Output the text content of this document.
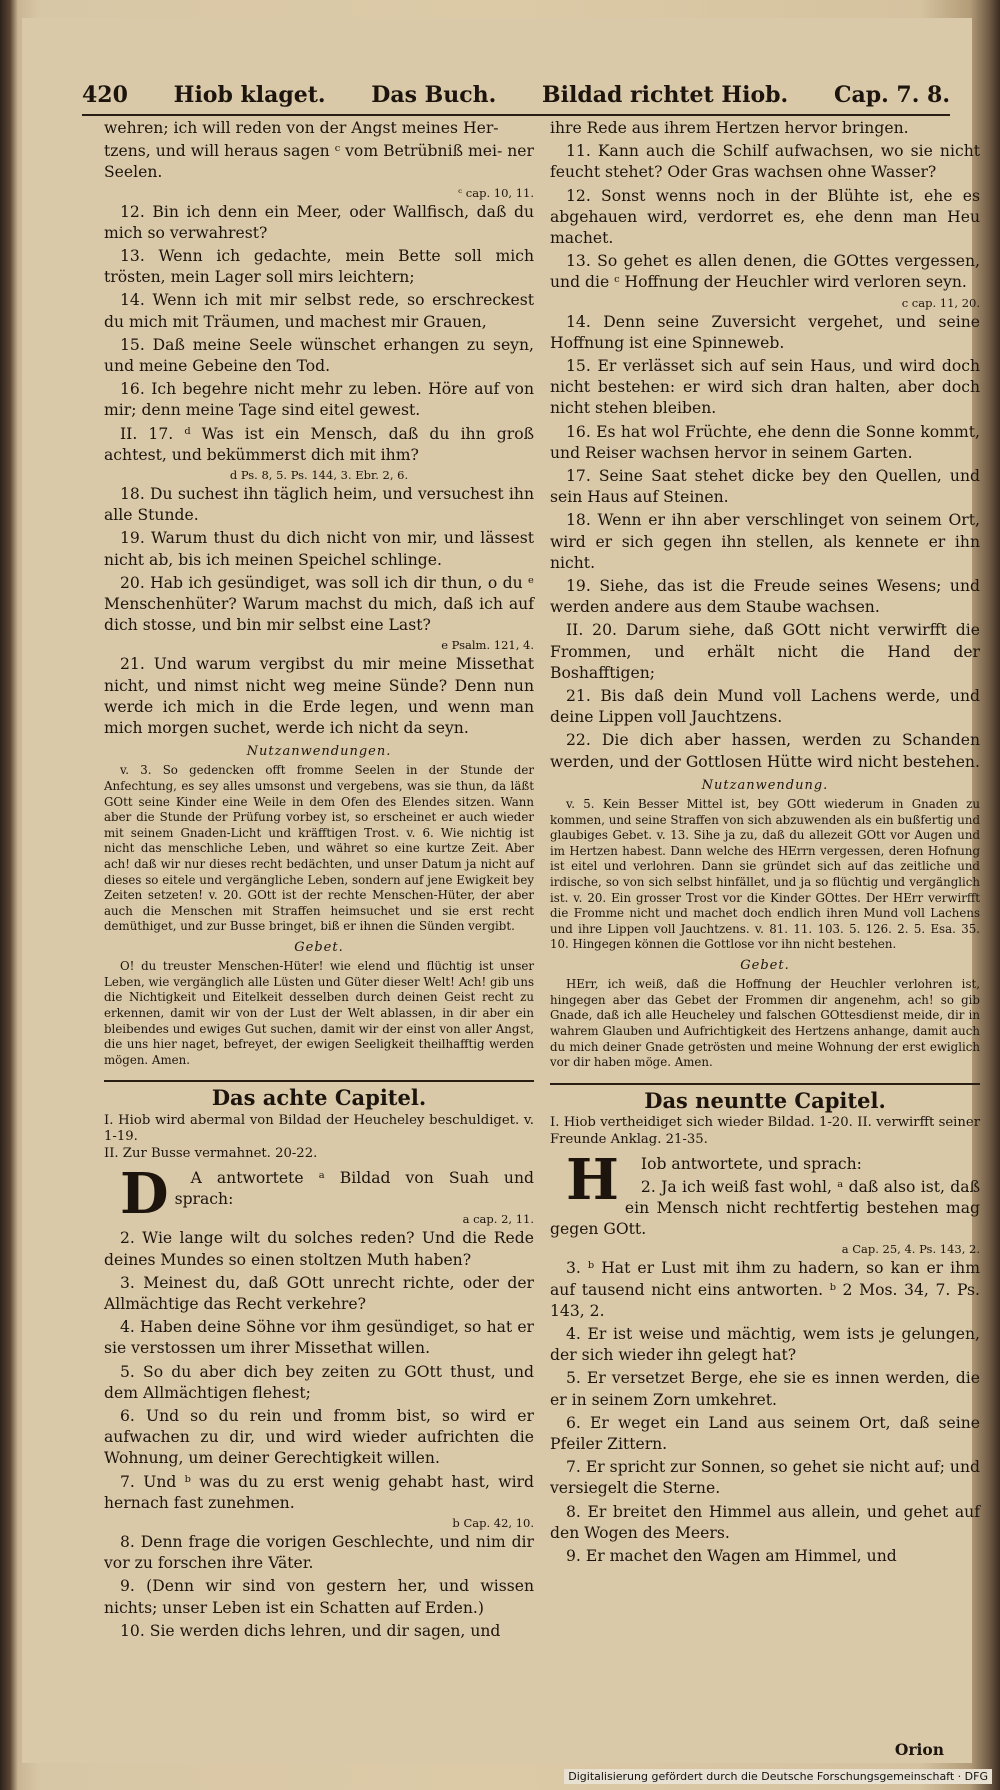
420 Hiob klaget. Das Buch. Bildad richtet Hiob. Cap. 7. 8.

wehren; ich will reden von der Angst meines Her-

tzens, und will heraus sagen ᶜ vom Betrübniß mei- ner Seelen.

ᶜ cap. 10, 11.

12. Bin ich denn ein Meer, oder Wallfisch, daß du mich so verwahrest?

13. Wenn ich gedachte, mein Bette soll mich trösten, mein Lager soll mirs leichtern;

14. Wenn ich mit mir selbst rede, so erschreckest du mich mit Träumen, und machest mir Grauen,

15. Daß meine Seele wünschet erhangen zu seyn, und meine Gebeine den Tod.

16. Ich begehre nicht mehr zu leben. Höre auf von mir; denn meine Tage sind eitel gewest.

II. 17. ᵈ Was ist ein Mensch, daß du ihn groß achtest, und bekümmerst dich mit ihm?

d Ps. 8, 5. Ps. 144, 3. Ebr. 2, 6.

18. Du suchest ihn täglich heim, und versuchest ihn alle Stunde.

19. Warum thust du dich nicht von mir, und lässest nicht ab, bis ich meinen Speichel schlinge.

20. Hab ich gesündiget, was soll ich dir thun, o du ᵉ Menschenhüter? Warum machst du mich, daß ich auf dich stosse, und bin mir selbst eine Last?

e Psalm. 121, 4.

21. Und warum vergibst du mir meine Missethat nicht, und nimst nicht weg meine Sünde? Denn nun werde ich mich in die Erde legen, und wenn man mich morgen suchet, werde ich nicht da seyn.

Nutzanwendungen.

v. 3. So gedencken offt fromme Seelen in der Stunde der Anfechtung, es sey alles umsonst und vergebens, was sie thun, da läßt GOtt seine Kinder eine Weile in dem Ofen des Elendes sitzen. Wann aber die Stunde der Prüfung vorbey ist, so erscheinet er auch wieder mit seinem Gnaden-Licht und kräfftigen Trost. v. 6. Wie nichtig ist nicht das menschliche Leben, und währet so eine kurtze Zeit. Aber ach! daß wir nur dieses recht bedächten, und unser Datum ja nicht auf dieses so eitele und vergängliche Leben, sondern auf jene Ewigkeit bey Zeiten setzeten! v. 20. GOtt ist der rechte Menschen-Hüter, der aber auch die Menschen mit Straffen heimsuchet und sie erst recht demüthiget, und zur Busse bringet, biß er ihnen die Sünden vergibt.

Gebet.

O! du treuster Menschen-Hüter! wie elend und flüchtig ist unser Leben, wie vergänglich alle Lüsten und Güter dieser Welt! Ach! gib uns die Nichtigkeit und Eitelkeit desselben durch deinen Geist recht zu erkennen, damit wir von der Lust der Welt ablassen, in dir aber ein bleibendes und ewiges Gut suchen, damit wir der einst von aller Angst, die uns hier naget, befreyet, der ewigen Seeligkeit theilhafftig werden mögen. Amen.

Das achte Capitel.
I. Hiob wird abermal von Bildad der Heucheley beschuldiget. v. 1-19.
II. Zur Busse vermahnet. 20-22.

D A antwortete ᵃ Bildad von Suah und sprach:

a cap. 2, 11.

2. Wie lange wilt du solches reden? Und die Rede deines Mundes so einen stoltzen Muth haben?

3. Meinest du, daß GOtt unrecht richte, oder der Allmächtige das Recht verkehre?

4. Haben deine Söhne vor ihm gesündiget, so hat er sie verstossen um ihrer Missethat willen.

5. So du aber dich bey zeiten zu GOtt thust, und dem Allmächtigen flehest;

6. Und so du rein und fromm bist, so wird er aufwachen zu dir, und wird wieder aufrichten die Wohnung, um deiner Gerechtigkeit willen.

7. Und ᵇ was du zu erst wenig gehabt hast, wird hernach fast zunehmen.

b Cap. 42, 10.

8. Denn frage die vorigen Geschlechte, und nim dir vor zu forschen ihre Väter.

9. (Denn wir sind von gestern her, und wissen nichts; unser Leben ist ein Schatten auf Erden.)

10. Sie werden dichs lehren, und dir sagen, und

ihre Rede aus ihrem Hertzen hervor bringen.

11. Kann auch die Schilf aufwachsen, wo sie nicht feucht stehet? Oder Gras wachsen ohne Wasser?

12. Sonst wenns noch in der Blühte ist, ehe es abgehauen wird, verdorret es, ehe denn man Heu machet.

13. So gehet es allen denen, die GOttes vergessen, und die ᶜ Hoffnung der Heuchler wird verloren seyn.

c cap. 11, 20.

14. Denn seine Zuversicht vergehet, und seine Hoffnung ist eine Spinneweb.

15. Er verlässet sich auf sein Haus, und wird doch nicht bestehen: er wird sich dran halten, aber doch nicht stehen bleiben.

16. Es hat wol Früchte, ehe denn die Sonne kommt, und Reiser wachsen hervor in seinem Garten.

17. Seine Saat stehet dicke bey den Quellen, und sein Haus auf Steinen.

18. Wenn er ihn aber verschlinget von seinem Ort, wird er sich gegen ihn stellen, als kennete er ihn nicht.

19. Siehe, das ist die Freude seines Wesens; und werden andere aus dem Staube wachsen.

II. 20. Darum siehe, daß GOtt nicht verwirfft die Frommen, und erhält nicht die Hand der Boshafftigen;

21. Bis daß dein Mund voll Lachens werde, und deine Lippen voll Jauchtzens.

22. Die dich aber hassen, werden zu Schanden werden, und der Gottlosen Hütte wird nicht bestehen.

Nutzanwendung.

v. 5. Kein Besser Mittel ist, bey GOtt wiederum in Gnaden zu kommen, und seine Straffen von sich abzuwenden als ein bußfertig und glaubiges Gebet. v. 13. Sihe ja zu, daß du allezeit GOtt vor Augen und im Hertzen habest. Dann welche des HErrn vergessen, deren Hofnung ist eitel und verlohren. Dann sie gründet sich auf das zeitliche und irdische, so von sich selbst hinfället, und ja so flüchtig und vergänglich ist. v. 20. Ein grosser Trost vor die Kinder GOttes. Der HErr verwirfft die Fromme nicht und machet doch endlich ihren Mund voll Lachens und ihre Lippen voll Jauchtzens. v. 81. 11. 103. 5. 126. 2. 5. Esa. 35. 10. Hingegen können die Gottlose vor ihn nicht bestehen.

Gebet.

HErr, ich weiß, daß die Hoffnung der Heuchler verlohren ist, hingegen aber das Gebet der Frommen dir angenehm, ach! so gib Gnade, daß ich alle Heucheley und falschen GOttesdienst meide, dir in wahrem Glauben und Aufrichtigkeit des Hertzens anhange, damit auch du mich deiner Gnade getrösten und meine Wohnung der erst ewiglich vor dir haben möge. Amen.

Das neuntte Capitel.
I. Hiob vertheidiget sich wieder Bildad. 1-20. II. verwirfft seiner Freunde Anklag. 21-35.

H Iob antwortete, und sprach:

2. Ja ich weiß fast wohl, ᵃ daß also ist, daß ein Mensch nicht rechtfertig bestehen mag gegen GOtt.

a Cap. 25, 4. Ps. 143, 2.

3. ᵇ Hat er Lust mit ihm zu hadern, so kan er ihm auf tausend nicht eins antworten. ᵇ 2 Mos. 34, 7. Ps. 143, 2.

4. Er ist weise und mächtig, wem ists je gelungen, der sich wieder ihn gelegt hat?

5. Er versetzet Berge, ehe sie es innen werden, die er in seinem Zorn umkehret.

6. Er weget ein Land aus seinem Ort, daß seine Pfeiler Zittern.

7. Er spricht zur Sonnen, so gehet sie nicht auf; und versiegelt die Sterne.

8. Er breitet den Himmel aus allein, und gehet auf den Wogen des Meers.

9. Er machet den Wagen am Himmel, und

Orion
Digitalisierung gefördert durch die Deutsche Forschungsgemeinschaft · DFG
